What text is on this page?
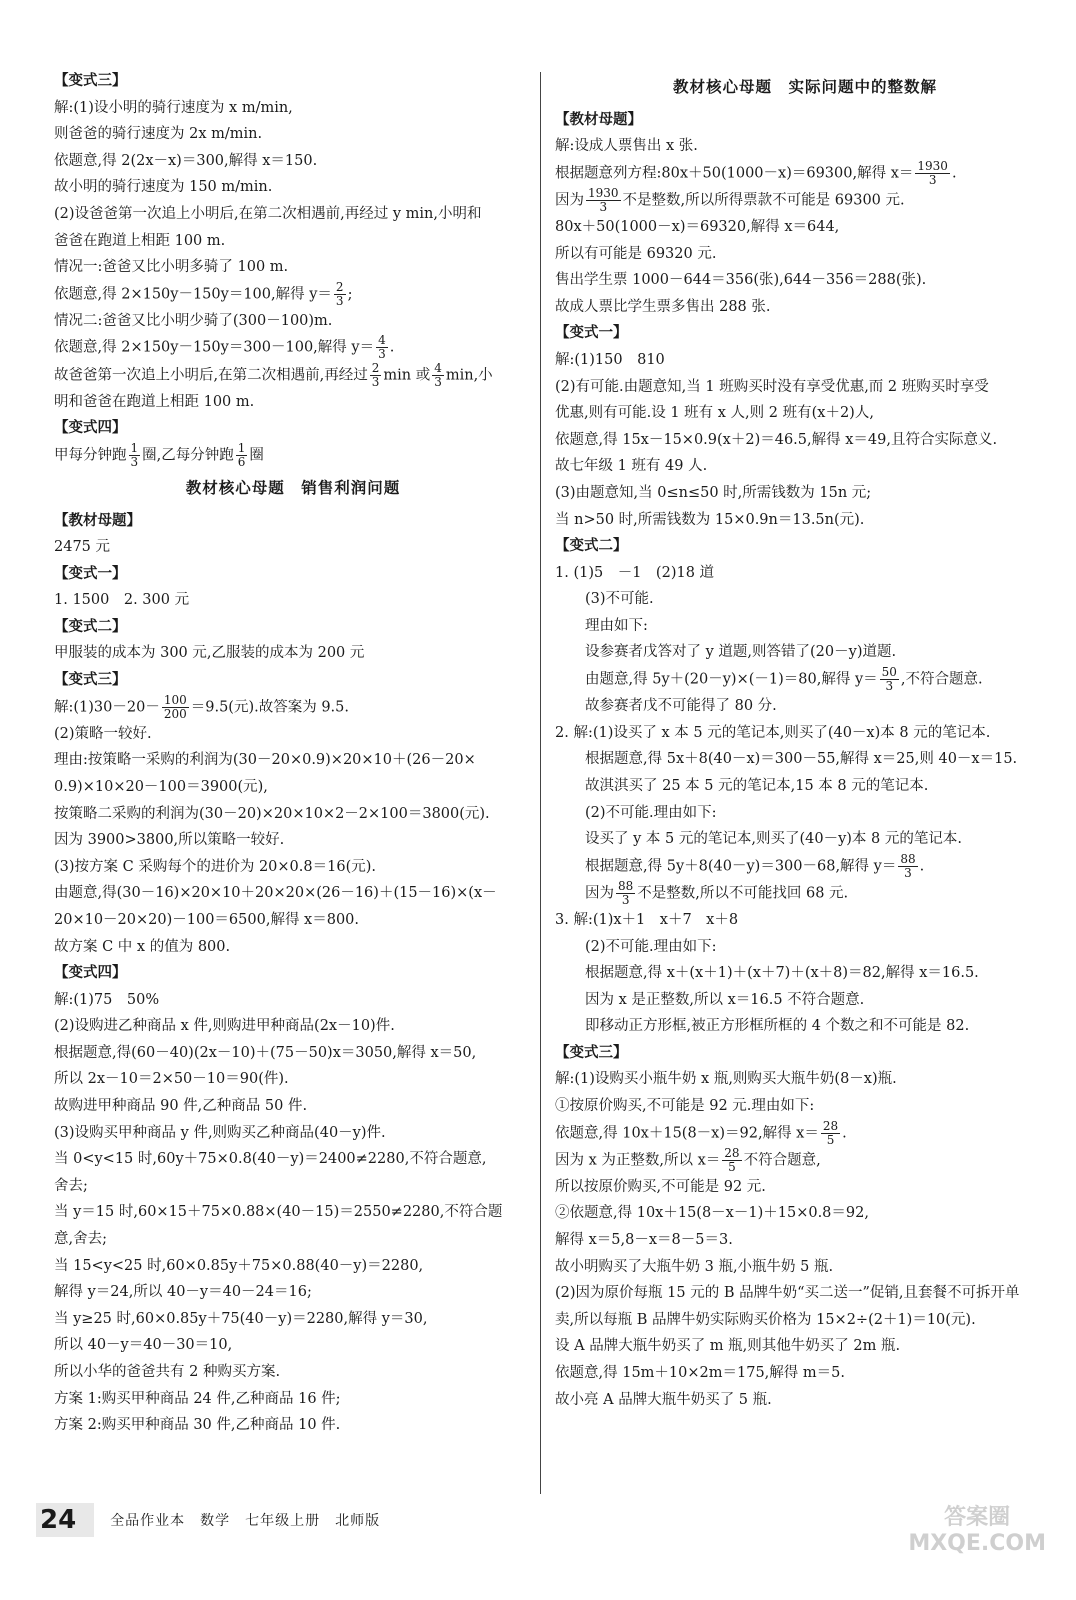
【变式三】
解:(1)设小明的骑行速度为 x m/min,
则爸爸的骑行速度为 2x m/min.
依题意,得 2(2x－x)＝300,解得 x＝150.
故小明的骑行速度为 150 m/min.
(2)设爸爸第一次追上小明后,在第二次相遇前,再经过 y min,小明和
爸爸在跑道上相距 100 m.
情况一:爸爸又比小明多骑了 100 m.
依题意,得 2×150y－150y＝100,解得 $y= \frac{2}{3}$ ;
情况二:爸爸又比小明少骑了(300－100)m.
依题意,得 2×150y－150y＝300－100,解得 $y= \frac{4}{3}$ .
故爸爸第一次追上小明后,在第二次相遇前,再经过 $\frac{2}{3}$ min 或 $\frac{4}{3} \min$,小
明和爸爸在跑道上相距 100 m.
【变式四】
甲每分钟跑 $\frac{1}{3}$ 圈,乙每分钟跑 $\frac{1}{6}$ 圈
教材核心母题　销售利润问题
【教材母题】
2475 元
【变式一】
1. 1500　2. 300 元
【变式二】
甲服装的成本为 300 元,乙服装的成本为 200 元
【变式三】
解:(1)30－20－ $\frac{100}{200} =9.5$(元).故答案为 9.5.
(2)策略一较好.
理由:按策略一采购的利润为(30－20×0.9)×20×10＋(26－20×
0.9)×10×20－100＝3900(元),
按策略二采购的利润为(30－20)×20×10×2－2×100＝3800(元).
因为 3900>3800,所以策略一较好.
(3)按方案 C 采购每个的进价为 20×0.8＝16(元).
由题意,得(30－16)×20×10＋20×20×(26－16)＋(15－16)×(x－
20×10－20×20)－100＝6500,解得 x＝800.
故方案 C 中 x 的值为 800.
【变式四】
解:(1)75　50%
(2)设购进乙种商品 x 件,则购进甲种商品(2x－10)件.
根据题意,得(60－40)(2x－10)＋(75－50)x＝3050,解得 x＝50,
所以 2x－10＝2×50－10＝90(件).
故购进甲种商品 90 件,乙种商品 50 件.
(3)设购买甲种商品 y 件,则购买乙种商品(40－y)件.
当 0<y<15 时,60y＋75×0.8(40－y)＝2400≠2280,不符合题意,
舍去;
当 y＝15 时,60×15＋75×0.88×(40－15)＝2550≠2280,不符合题
意,舍去;
当 15<y<25 时,60×0.85y＋75×0.88(40－y)＝2280,
解得 y＝24,所以 40－y＝40－24＝16;
当 y≥25 时,60×0.85y＋75(40－y)＝2280,解得 y＝30,
所以 40－y＝40－30＝10,
所以小华的爸爸共有 2 种购买方案.
方案 1:购买甲种商品 24 件,乙种商品 16 件;
方案 2:购买甲种商品 30 件,乙种商品 10 件.
教材核心母题　实际问题中的整数解
【教材母题】
解:设成人票售出 x 张.
根据题意列方程:80x＋50(1000－x)＝69300,解得 $x= \frac{1930}{3}$ .
因为 $\frac{1930}{3}$ 不是整数,所以所得票款不可能是 69300 元.
80x＋50(1000－x)＝69320,解得 x＝644,
所以有可能是 69320 元.
售出学生票 1000－644＝356(张),644－356＝288(张).
故成人票比学生票多售出 288 张.
【变式一】
解:(1)150　810
(2)有可能.由题意知,当 1 班购买时没有享受优惠,而 2 班购买时享受
优惠,则有可能.设 1 班有 x 人,则 2 班有(x＋2)人,
依题意,得 15x－15×0.9(x＋2)＝46.5,解得 x＝49,且符合实际意义.
故七年级 1 班有 49 人.
(3)由题意知,当 0≤n≤50 时,所需钱数为 15n 元;
当 n>50 时,所需钱数为 15×0.9n＝13.5n(元).
【变式二】
1. (1)5　－1　(2)18 道
(3)不可能.
理由如下:
设参赛者戊答对了 y 道题,则答错了(20－y)道题.
由题意,得 5y＋(20－y)×(－1)＝80,解得 $y= \frac{50}{3}$ ,不符合题意.
故参赛者戊不可能得了 80 分.
2. 解:(1)设买了 x 本 5 元的笔记本,则买了(40－x)本 8 元的笔记本.
根据题意,得 5x＋8(40－x)＝300－55,解得 x＝25,则 40－x＝15.
故淇淇买了 25 本 5 元的笔记本,15 本 8 元的笔记本.
(2)不可能.理由如下:
设买了 y 本 5 元的笔记本,则买了(40－y)本 8 元的笔记本.
根据题意,得 5y＋8(40－y)＝300－68,解得 $y= \frac{88}{3}$ .
因为 $\frac{88}{3}$ 不是整数,所以不可能找回 68 元.
3. 解:(1)x＋1　x＋7　x＋8
(2)不可能.理由如下:
根据题意,得 x＋(x＋1)＋(x＋7)＋(x＋8)＝82,解得 x＝16.5.
因为 x 是正整数,所以 x＝16.5 不符合题意.
即移动正方形框,被正方形框所框的 4 个数之和不可能是 82.
【变式三】
解:(1)设购买小瓶牛奶 x 瓶,则购买大瓶牛奶(8－x)瓶.
①按原价购买,不可能是 92 元.理由如下:
依题意,得 10x＋15(8－x)＝92,解得 $x= \frac{28}{5}$ .
因为 x 为正整数,所以 $x= \frac{28}{5}$ 不符合题意,
所以按原价购买,不可能是 92 元.
②依题意,得 10x＋15(8－x－1)＋15×0.8＝92,
解得 x＝5,8－x＝8－5＝3.
故小明购买了大瓶牛奶 3 瓶,小瓶牛奶 5 瓶.
(2)因为原价每瓶 15 元的 B 品牌牛奶“买二送一”促销,且套餐不可拆开单
卖,所以每瓶 B 品牌牛奶实际购买价格为 15×2÷(2＋1)＝10(元).
设 A 品牌大瓶牛奶买了 m 瓶,则其他牛奶买了 2m 瓶.
依题意,得 15m＋10×2m＝175,解得 m＝5.
故小亮 A 品牌大瓶牛奶买了 5 瓶.
24	全品作业本　数学　七年级上册　北师版	答案圈
MXQE.COM
